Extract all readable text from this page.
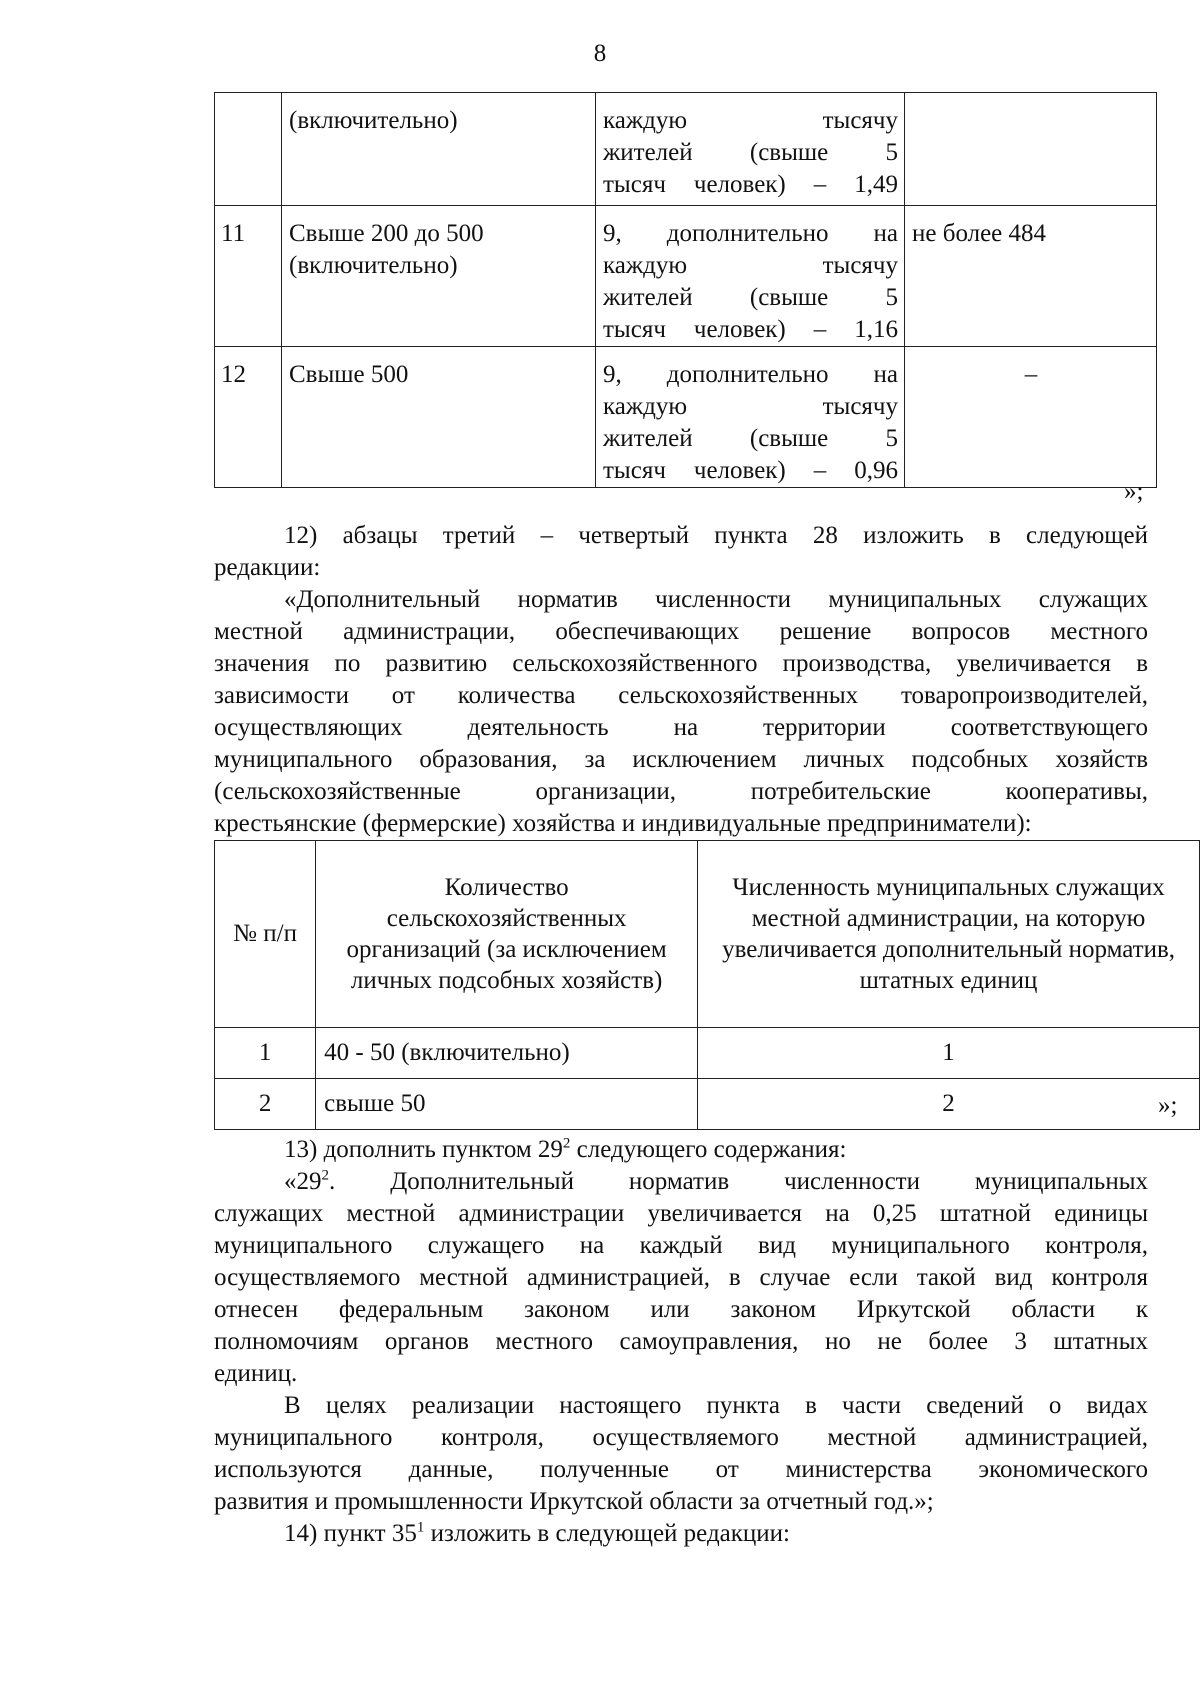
8
	(включительно)	каждую тысячу
жителей (свыше 5
тысяч человек) – 1,49	

11	Свыше 200 до 500 (включительно)	9, дополнительно на
каждую тысячу
жителей (свыше 5
тысяч человек) – 1,16	не более 484
12	Свыше 500	9, дополнительно на
каждую тысячу
жителей (свыше 5
тысяч человек) – 0,96	–
»;
12) абзацы третий – четвертый пункта 28 изложить в следующей
редакции:
«Дополнительный норматив численности муниципальных служащих
местной администрации, обеспечивающих решение вопросов местного
значения по развитию сельскохозяйственного производства, увеличивается в
зависимости от количества сельскохозяйственных товаропроизводителей,
осуществляющих деятельность на территории соответствующего
муниципального образования, за исключением личных подсобных хозяйств
(сельскохозяйственные организации, потребительские кооперативы,
крестьянские (фермерские) хозяйства и индивидуальные предприниматели):
№ п/п	Количество сельскохозяйственных организаций (за исключением личных подсобных хозяйств)	Численность муниципальных служащих местной администрации, на которую увеличивается дополнительный норматив, штатных единиц
1	40 - 50 (включительно)	1
2	свыше 50	2	»;
13) дополнить пунктом $29^2$ следующего содержания:
«$29^2$. Дополнительный норматив численности муниципальных
служащих местной администрации увеличивается на 0,25 штатной единицы
муниципального служащего на каждый вид муниципального контроля,
осуществляемого местной администрацией, в случае если такой вид контроля
отнесен федеральным законом или законом Иркутской области к
полномочиям органов местного самоуправления, но не более 3 штатных
единиц.
В целях реализации настоящего пункта в части сведений о видах
муниципального контроля, осуществляемого местной администрацией,
используются данные, полученные от министерства экономического
развития и промышленности Иркутской области за отчетный год.»;
14) пункт $35^1$ изложить в следующей редакции:
